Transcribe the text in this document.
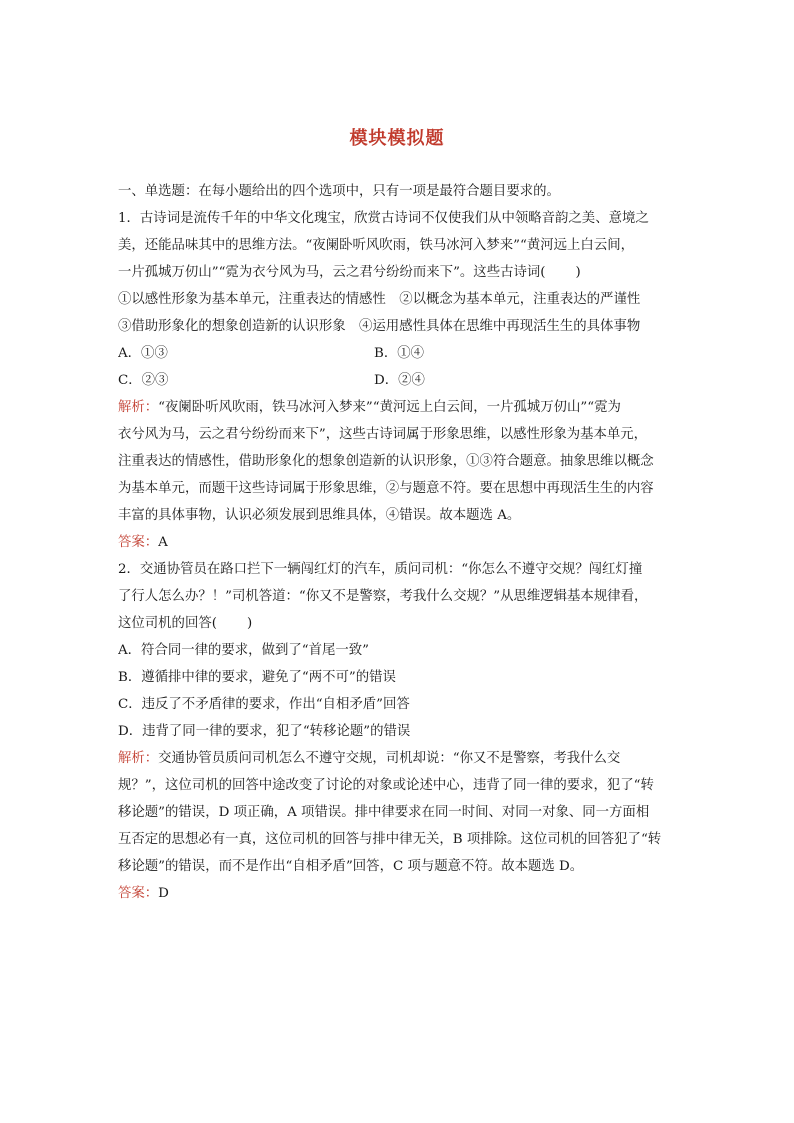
模块模拟题
一、单选题：在每小题给出的四个选项中，只有一项是最符合题目要求的。
1．古诗词是流传千年的中华文化瑰宝，欣赏古诗词不仅使我们从中领略音韵之美、意境之
美，还能品味其中的思维方法。“夜阑卧听风吹雨，铁马冰河入梦来”“黄河远上白云间，
一片孤城万仞山”“霓为衣兮风为马，云之君兮纷纷而来下”。这些古诗词( )
①以感性形象为基本单元，注重表达的情感性　②以概念为基本单元，注重表达的严谨性
③借助形象化的想象创造新的认识形象　④运用感性具体在思维中再现活生生的具体事物
A．①③	B．①④
C．②③	D．②④
解析：“夜阑卧听风吹雨，铁马冰河入梦来”“黄河远上白云间，一片孤城万仞山”“霓为
衣兮风为马，云之君兮纷纷而来下”，这些古诗词属于形象思维，以感性形象为基本单元，
注重表达的情感性，借助形象化的想象创造新的认识形象，①③符合题意。抽象思维以概念
为基本单元，而题干这些诗词属于形象思维，②与题意不符。要在思想中再现活生生的内容
丰富的具体事物，认识必须发展到思维具体，④错误。故本题选 A。
答案：A
2．交通协管员在路口拦下一辆闯红灯的汽车，质问司机：“你怎么不遵守交规？闯红灯撞
了行人怎么办？！”司机答道：“你又不是警察，考我什么交规？”从思维逻辑基本规律看，
这位司机的回答( )
A．符合同一律的要求，做到了“首尾一致”
B．遵循排中律的要求，避免了“两不可”的错误
C．违反了不矛盾律的要求，作出“自相矛盾”回答
D．违背了同一律的要求，犯了“转移论题”的错误
解析：交通协管员质问司机怎么不遵守交规，司机却说：“你又不是警察，考我什么交
规？”，这位司机的回答中途改变了讨论的对象或论述中心，违背了同一律的要求，犯了“转
移论题”的错误，D 项正确，A 项错误。排中律要求在同一时间、对同一对象、同一方面相
互否定的思想必有一真，这位司机的回答与排中律无关，B 项排除。这位司机的回答犯了“转
移论题”的错误，而不是作出“自相矛盾”回答，C 项与题意不符。故本题选 D。
答案：D
